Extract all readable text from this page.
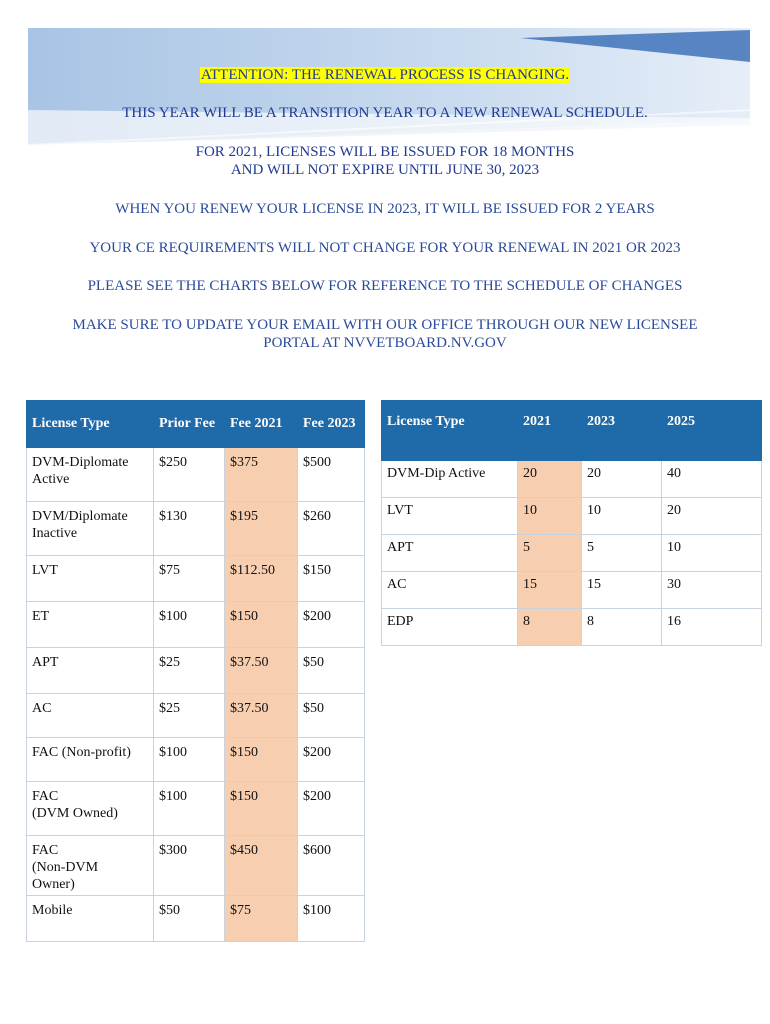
ATTENTION: THE RENEWAL PROCESS IS CHANGING.
THIS YEAR WILL BE A TRANSITION YEAR TO A NEW RENEWAL SCHEDULE.
FOR 2021, LICENSES WILL BE ISSUED FOR 18 MONTHS
AND WILL NOT EXPIRE UNTIL JUNE 30, 2023
WHEN YOU RENEW YOUR LICENSE IN 2023, IT WILL BE ISSUED FOR 2 YEARS
YOUR CE REQUIREMENTS WILL NOT CHANGE FOR YOUR RENEWAL IN 2021 OR 2023
PLEASE SEE THE CHARTS BELOW FOR REFERENCE TO THE SCHEDULE OF CHANGES
MAKE SURE TO UPDATE YOUR EMAIL WITH OUR OFFICE THROUGH OUR NEW LICENSEE
PORTAL AT NVVETBOARD.NV.GOV
License Type	Prior Fee	Fee 2021	Fee 2023

DVM-Diplomate
Active	$250	$375	$500

DVM/Diplomate
Inactive	$130	$195	$260

LVT	$75	$112.50	$150

ET	$100	$150	$200

APT	$25	$37.50	$50

AC	$25	$37.50	$50

FAC (Non-profit)	$100	$150	$200

FAC
(DVM Owned)	$100	$150	$200

FAC
(Non-DVM
Owner)	$300	$450	$600

Mobile	$50	$75	$100
License Type	2021	2023	2025
DVM-Dip Active	20	20	40
LVT	10	10	20
APT	5	5	10
AC	15	15	30
EDP	8	8	16
